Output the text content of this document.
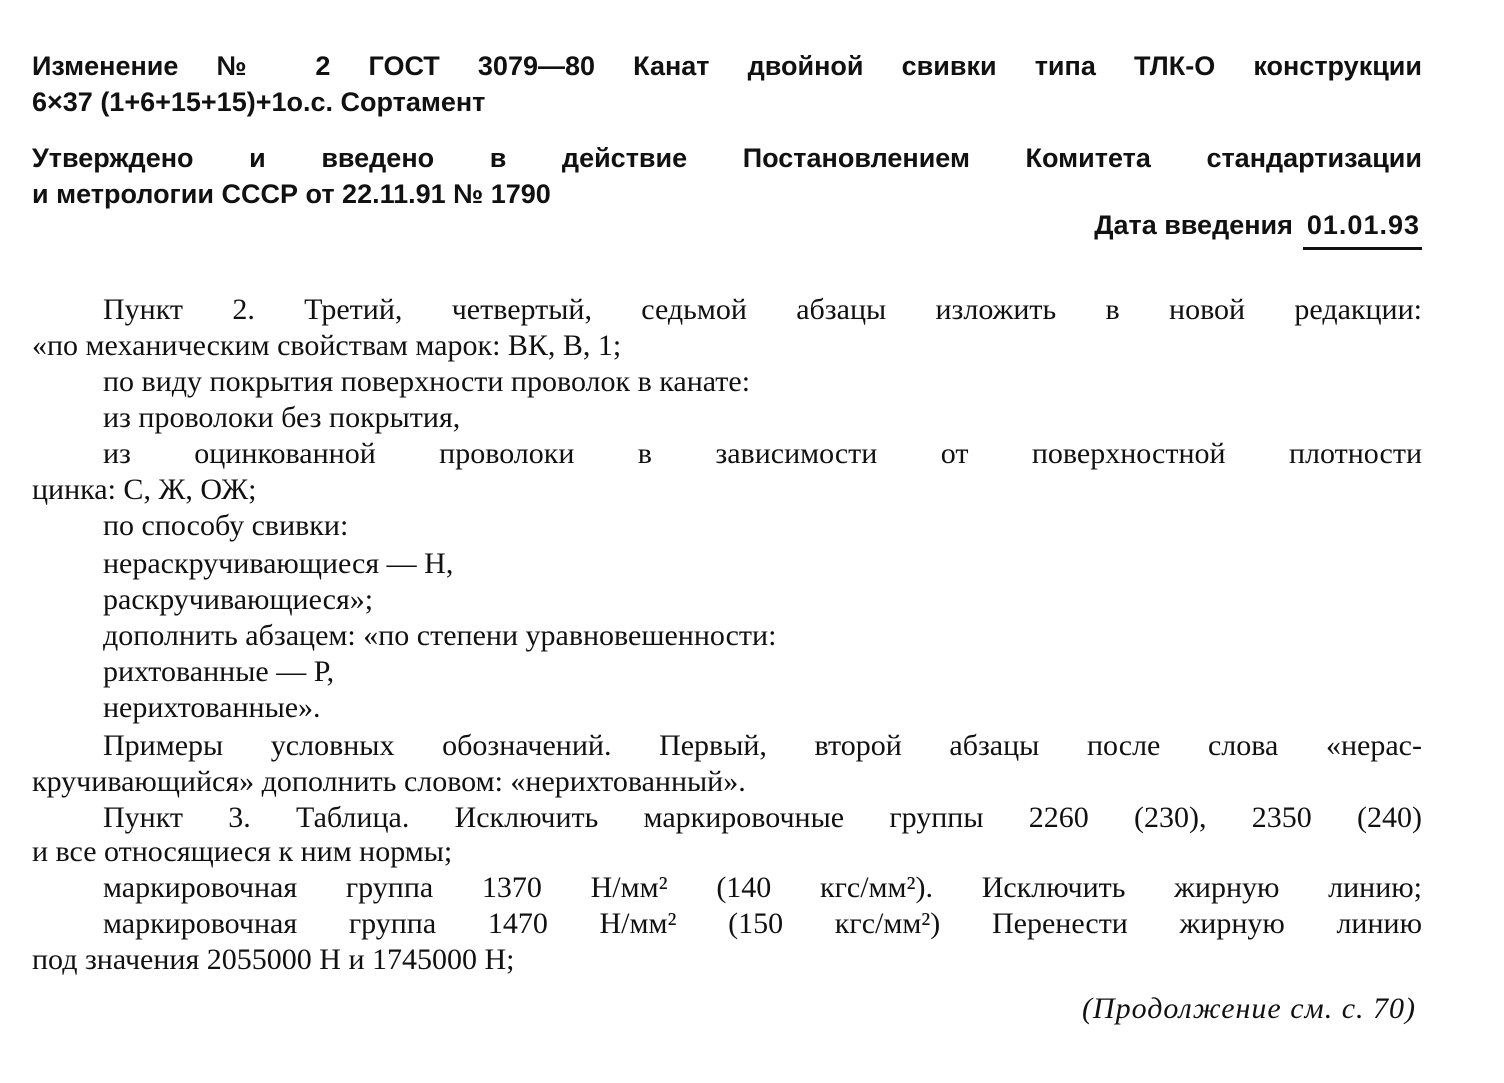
Изменение № 2 ГОСТ 3079—80 Канат двойной свивки типа ТЛК-О конструкции
6×37 (1+6+15+15)+1о.с. Сортамент
Утверждено и введено в действие Постановлением Комитета стандартизации
и метрологии СССР от 22.11.91 № 1790
Дата введения 01.01.93
Пункт 2. Третий, четвертый, седьмой абзацы изложить в новой редакции:
«по механическим свойствам марок: ВК, В, 1;
по виду покрытия поверхности проволок в канате:
из проволоки без покрытия,
из оцинкованной проволоки в зависимости от поверхностной плотности
цинка: С, Ж, ОЖ;
по способу свивки:
нераскручивающиеся — Н,
раскручивающиеся»;
дополнить абзацем: «по степени уравновешенности:
рихтованные — Р,
нерихтованные».
Примеры условных обозначений. Первый, второй абзацы после слова «нерас-
кручивающийся» дополнить словом: «нерихтованный».
Пункт 3. Таблица. Исключить маркировочные группы 2260 (230), 2350 (240)
и все относящиеся к ним нормы;
маркировочная группа 1370 Н/мм² (140 кгс/мм²). Исключить жирную линию;
маркировочная группа 1470 Н/мм² (150 кгс/мм²) Перенести жирную линию
под значения 2055000 Н и 1745000 Н;
(Продолжение см. с. 70)
